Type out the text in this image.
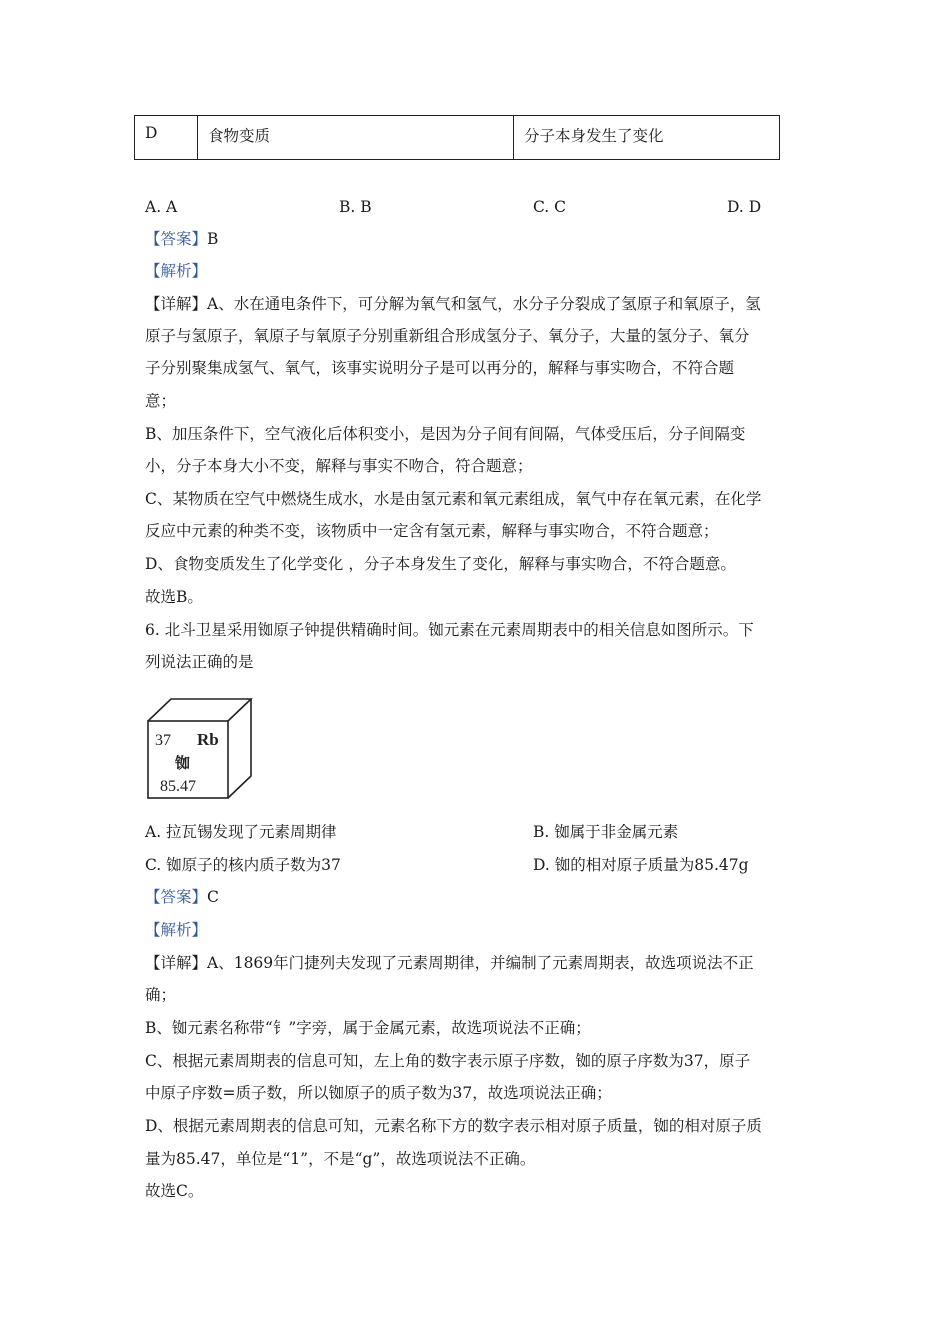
D	食物变质	分子本身发生了变化
A. A	B. B	C. C	D. D
【答案】B
【解析】
【详解】A、水在通电条件下，可分解为氧气和氢气，水分子分裂成了氢原子和氧原子，氢
原子与氢原子，氧原子与氧原子分别重新组合形成氢分子、氧分子，大量的氢分子、氧分
子分别聚集成氢气、氧气，该事实说明分子是可以再分的，解释与事实吻合，不符合题
意；
B、加压条件下，空气液化后体积变小，是因为分子间有间隔，气体受压后，分子间隔变
小，分子本身大小不变，解释与事实不吻合，符合题意；
C、某物质在空气中燃烧生成水，水是由氢元素和氧元素组成，氧气中存在氧元素，在化学
反应中元素的种类不变，该物质中一定含有氢元素，解释与事实吻合，不符合题意；
D、食物变质发生了化学变化 ，分子本身发生了变化，解释与事实吻合，不符合题意。
故选B。
6. 北斗卫星采用铷原子钟提供精确时间。铷元素在元素周期表中的相关信息如图所示。下
列说法正确的是
37 Rb
铷
85.47
A. 拉瓦锡发现了元素周期律	B. 铷属于非金属元素
C. 铷原子的核内质子数为37	D. 铷的相对原子质量为85.47g
【答案】C
【解析】
【详解】A、1869年门捷列夫发现了元素周期律，并编制了元素周期表，故选项说法不正
确；
B、铷元素名称带“钅”字旁，属于金属元素，故选项说法不正确；
C、根据元素周期表的信息可知，左上角的数字表示原子序数，铷的原子序数为37，原子
中原子序数=质子数，所以铷原子的质子数为37，故选项说法正确；
D、根据元素周期表的信息可知，元素名称下方的数字表示相对原子质量，铷的相对原子质
量为85.47，单位是“1”，不是“g”，故选项说法不正确。
故选C。
